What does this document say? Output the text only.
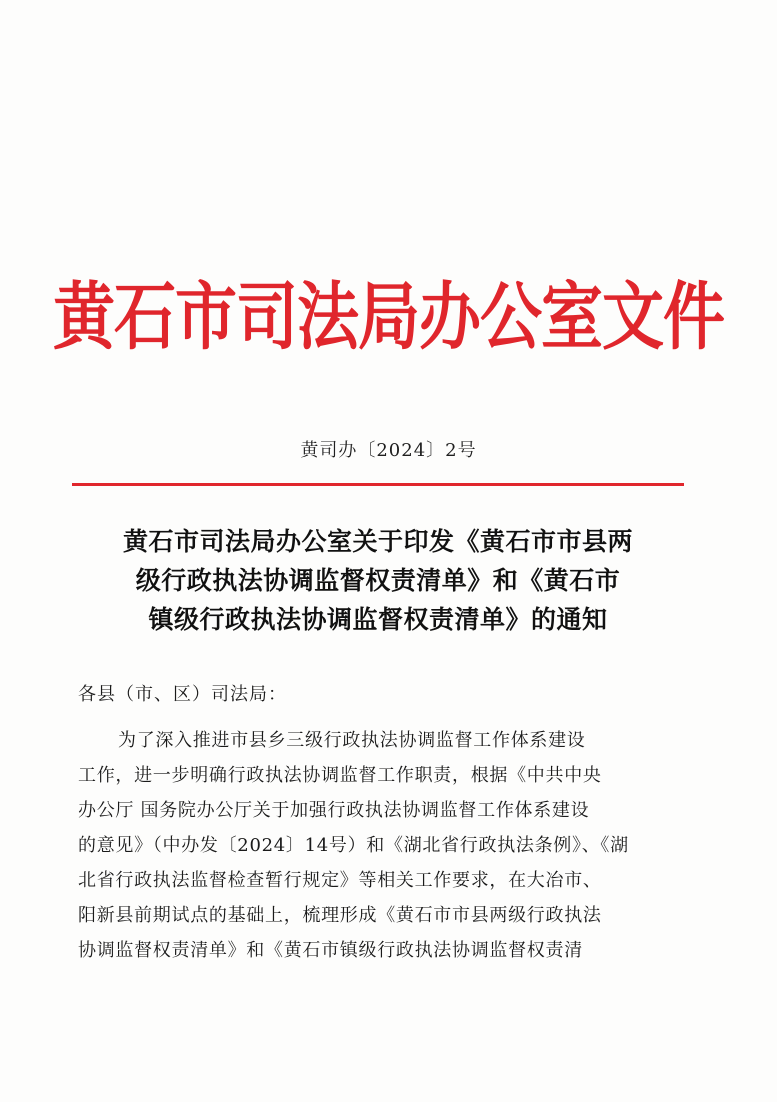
黄石市司法局办公室文件
黄司办〔2024〕2号
黄石市司法局办公室关于印发《黄石市市县两
级行政执法协调监督权责清单》和《黄石市
镇级行政执法协调监督权责清单》的通知
各县（市、区）司法局：
为了深入推进市县乡三级行政执法协调监督工作体系建设
工作，进一步明确行政执法协调监督工作职责，根据《中共中央
办公厅 国务院办公厅关于加强行政执法协调监督工作体系建设
的意见》（中办发〔2024〕14号）和《湖北省行政执法条例》、《湖
北省行政执法监督检查暂行规定》等相关工作要求，在大冶市、
阳新县前期试点的基础上，梳理形成《黄石市市县两级行政执法
协调监督权责清单》和《黄石市镇级行政执法协调监督权责清
